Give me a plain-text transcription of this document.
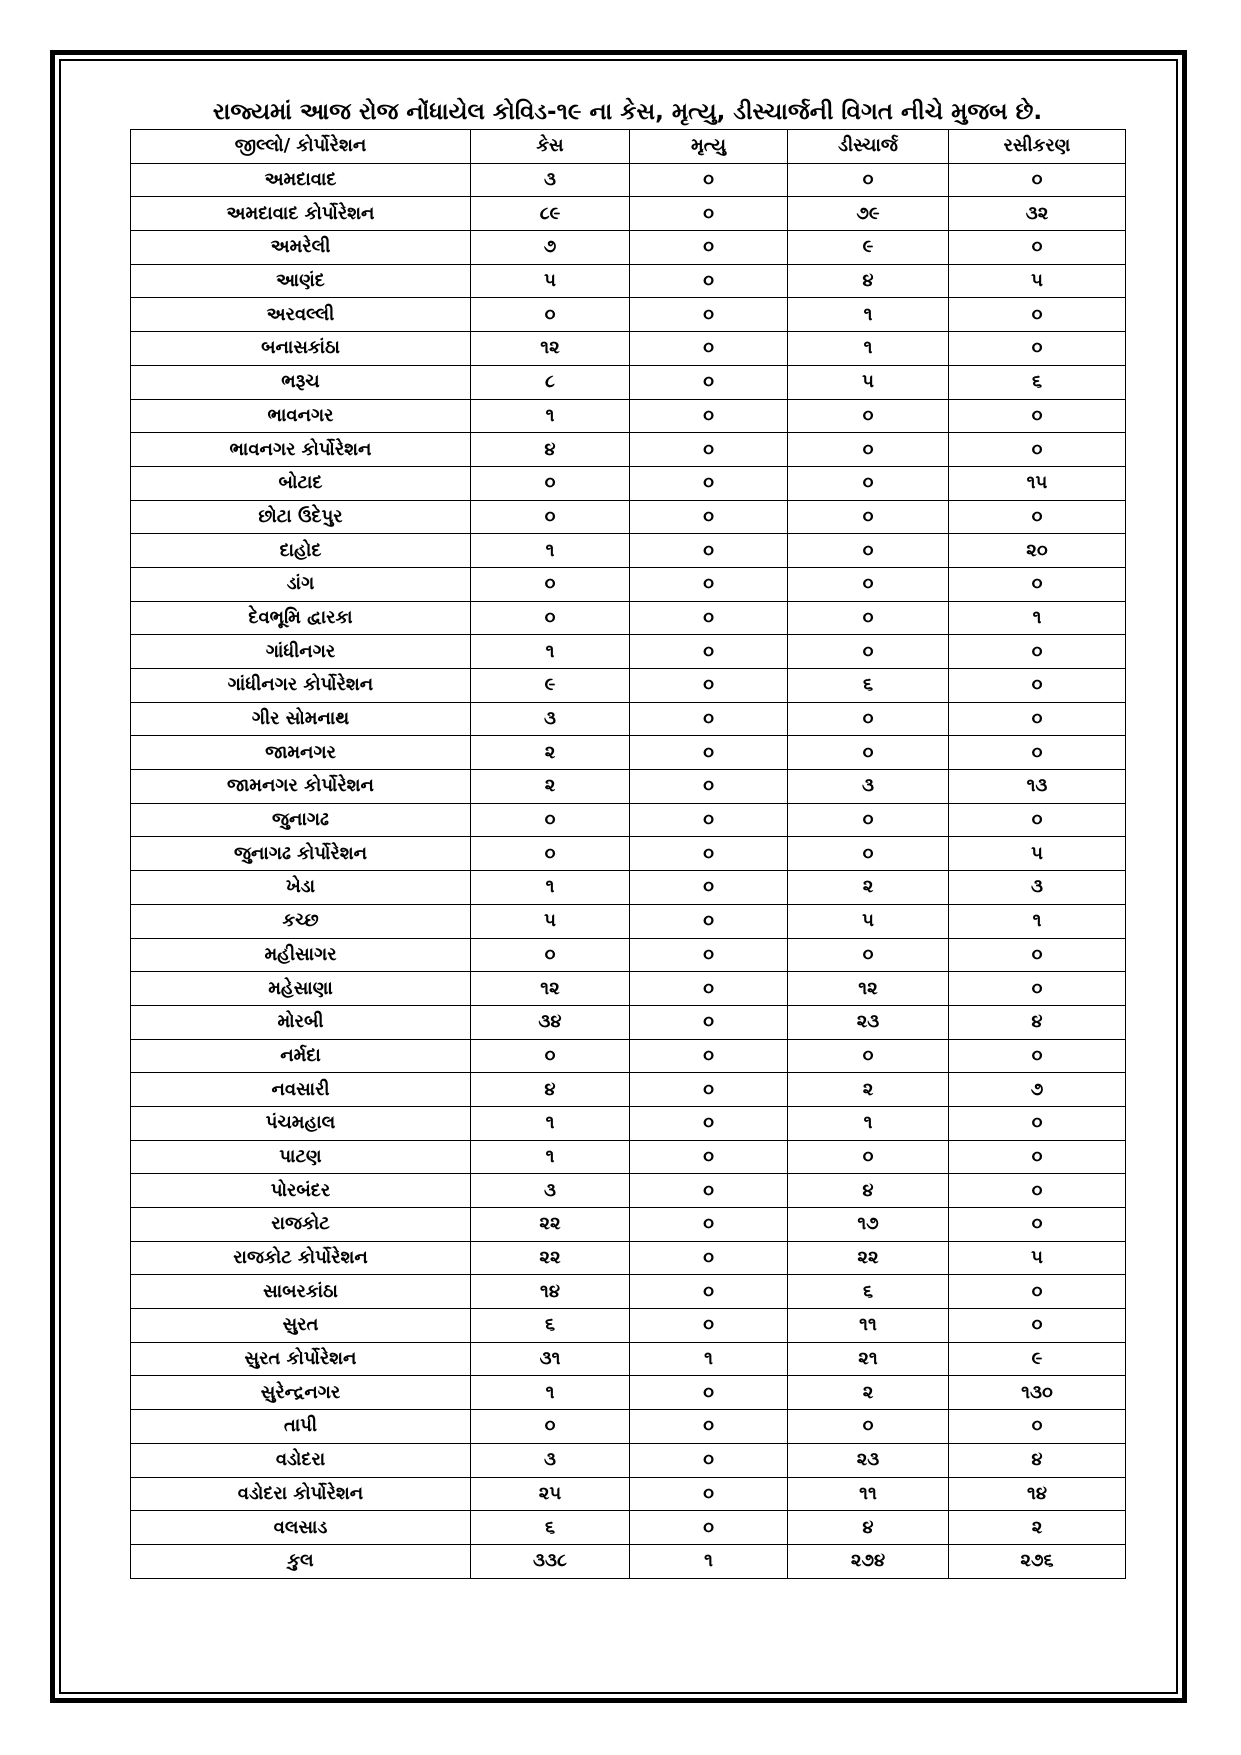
રાજ્યમાં આજ રોજ નોંધાયેલ કોવિડ-૧૯ ના કેસ, મૃત્યુ, ડીસ્ચાર્જની વિગત નીચે મુજબ છે.
જીલ્લો/ કોર્પોરેશન	કેસ	મૃત્યુ	ડીસ્ચાર્જ	રસીકરણ
અમદાવાદ	૩	૦	૦	૦
અમદાવાદ કોર્પોરેશન	૮૯	૦	૭૯	૩૨
અમરેલી	૭	૦	૯	૦
આણંદ	૫	૦	૪	૫
અરવલ્લી	૦	૦	૧	૦
બનાસકાંઠા	૧૨	૦	૧	૦
ભરૂચ	૮	૦	૫	૬
ભાવનગર	૧	૦	૦	૦
ભાવનગર કોર્પોરેશન	૪	૦	૦	૦
બોટાદ	૦	૦	૦	૧૫
છોટા ઉદેપુર	૦	૦	૦	૦
દાહોદ	૧	૦	૦	૨૦
ડાંગ	૦	૦	૦	૦
દેવભૂમિ દ્વારકા	૦	૦	૦	૧
ગાંધીનગર	૧	૦	૦	૦
ગાંધીનગર કોર્પોરેશન	૯	૦	૬	૦
ગીર સોમનાથ	૩	૦	૦	૦
જામનગર	૨	૦	૦	૦
જામનગર કોર્પોરેશન	૨	૦	૩	૧૩
જુનાગઢ	૦	૦	૦	૦
જુનાગઢ કોર્પોરેશન	૦	૦	૦	૫
ખેડા	૧	૦	૨	૩
કચ્છ	૫	૦	૫	૧
મહીસાગર	૦	૦	૦	૦
મહેસાણા	૧૨	૦	૧૨	૦
મોરબી	૩૪	૦	૨૩	૪
નર્મદા	૦	૦	૦	૦
નવસારી	૪	૦	૨	૭
પંચમહાલ	૧	૦	૧	૦
પાટણ	૧	૦	૦	૦
પોરબંદર	૩	૦	૪	૦
રાજકોટ	૨૨	૦	૧૭	૦
રાજકોટ કોર્પોરેશન	૨૨	૦	૨૨	૫
સાબરકાંઠા	૧૪	૦	૬	૦
સુરત	૬	૦	૧૧	૦
સુરત કોર્પોરેશન	૩૧	૧	૨૧	૯
સુરેન્દ્રનગર	૧	૦	૨	૧૩૦
તાપી	૦	૦	૦	૦
વડોદરા	૩	૦	૨૩	૪
વડોદરા કોર્પોરેશન	૨૫	૦	૧૧	૧૪
વલસાડ	૬	૦	૪	૨
કુલ	૩૩૮	૧	૨૭૪	૨૭૬
